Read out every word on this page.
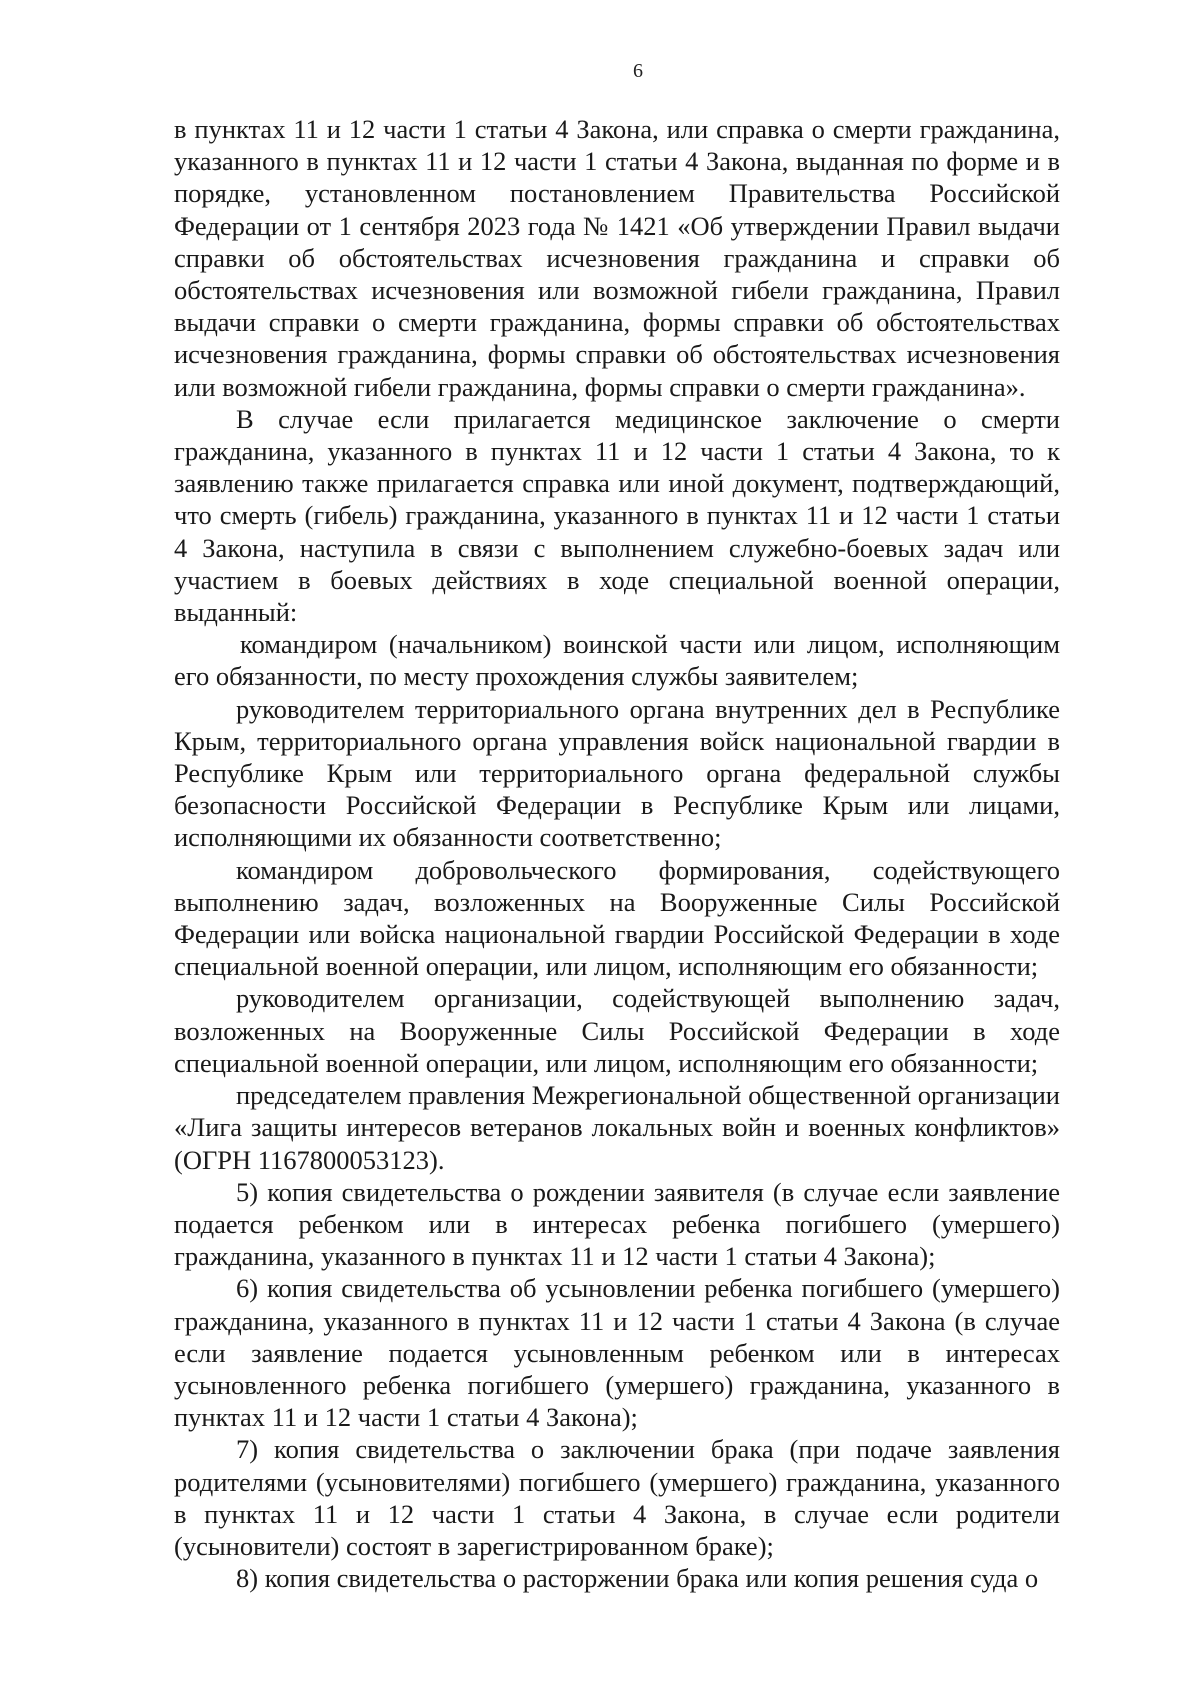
6

в пунктах 11 и 12 части 1 статьи 4 Закона, или справка о смерти гражданина, указанного в пунктах 11 и 12 части 1 статьи 4 Закона, выданная по форме и в порядке, установленном постановлением Правительства Российской Федерации от 1 сентября 2023 года № 1421 «Об утверждении Правил выдачи справки об обстоятельствах исчезновения гражданина и справки об обстоятельствах исчезновения или возможной гибели гражданина, Правил выдачи справки о смерти гражданина, формы справки об обстоятельствах исчезновения гражданина, формы справки об обстоятельствах исчезновения или возможной гибели гражданина, формы справки о смерти гражданина».

В случае если прилагается медицинское заключение о смерти гражданина, указанного в пунктах 11 и 12 части 1 статьи 4 Закона, то к заявлению также прилагается справка или иной документ, подтверждающий, что смерть (гибель) гражданина, указанного в пунктах 11 и 12 части 1 статьи 4 Закона, наступила в связи с выполнением служебно-боевых задач или участием в боевых действиях в ходе специальной военной операции, выданный:

командиром (начальником) воинской части или лицом, исполняющим его обязанности, по месту прохождения службы заявителем;

руководителем территориального органа внутренних дел в Республике Крым, территориального органа управления войск национальной гвардии в Республике Крым или территориального органа федеральной службы безопасности Российской Федерации в Республике Крым или лицами, исполняющими их обязанности соответственно;

командиром добровольческого формирования, содействующего выполнению задач, возложенных на Вооруженные Силы Российской Федерации или войска национальной гвардии Российской Федерации в ходе специальной военной операции, или лицом, исполняющим его обязанности;

руководителем организации, содействующей выполнению задач, возложенных на Вооруженные Силы Российской Федерации в ходе специальной военной операции, или лицом, исполняющим его обязанности;

председателем правления Межрегиональной общественной организации «Лига защиты интересов ветеранов локальных войн и военных конфликтов» (ОГРН 1167800053123).

5) копия свидетельства о рождении заявителя (в случае если заявление подается ребенком или в интересах ребенка погибшего (умершего) гражданина, указанного в пунктах 11 и 12 части 1 статьи 4 Закона);

6) копия свидетельства об усыновлении ребенка погибшего (умершего) гражданина, указанного в пунктах 11 и 12 части 1 статьи 4 Закона (в случае если заявление подается усыновленным ребенком или в интересах усыновленного ребенка погибшего (умершего) гражданина, указанного в пунктах 11 и 12 части 1 статьи 4 Закона);

7) копия свидетельства о заключении брака (при подаче заявления родителями (усыновителями) погибшего (умершего) гражданина, указанного в пунктах 11 и 12 части 1 статьи 4 Закона, в случае если родители (усыновители) состоят в зарегистрированном браке);

8) копия свидетельства о расторжении брака или копия решения суда о
